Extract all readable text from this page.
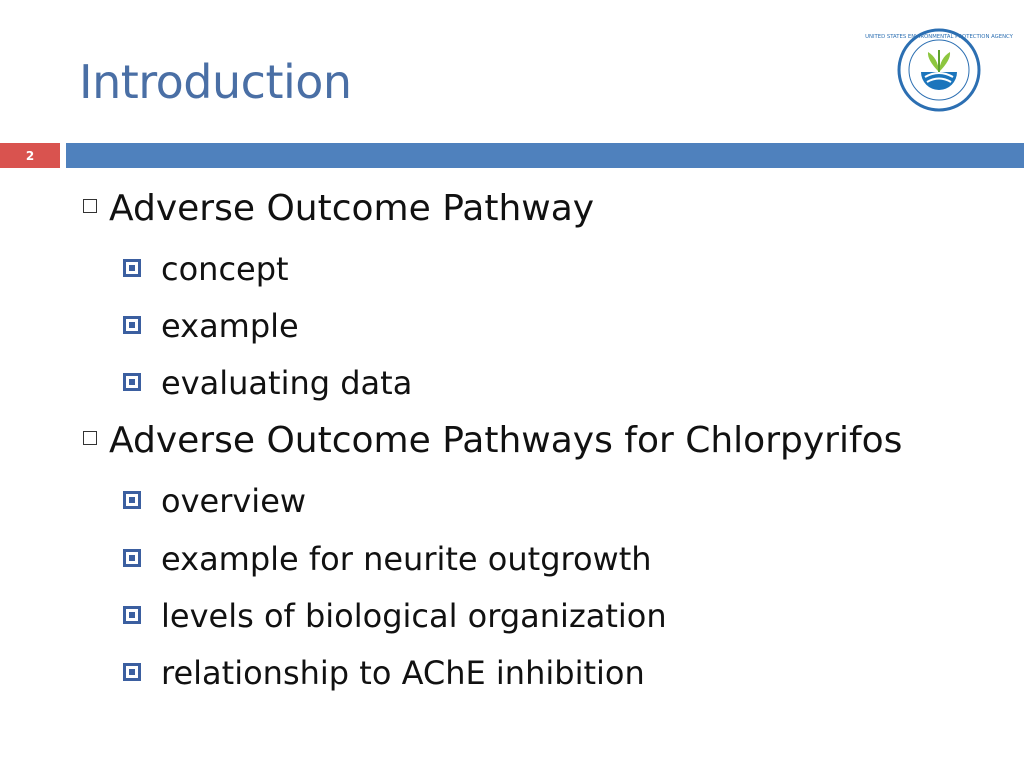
Introduction
UNITED STATES ENVIRONMENTAL PROTECTION AGENCY
2
Adverse Outcome Pathway
concept
example
evaluating data
Adverse Outcome Pathways for Chlorpyrifos
overview
example for neurite outgrowth
levels of biological organization
relationship to AChE inhibition
